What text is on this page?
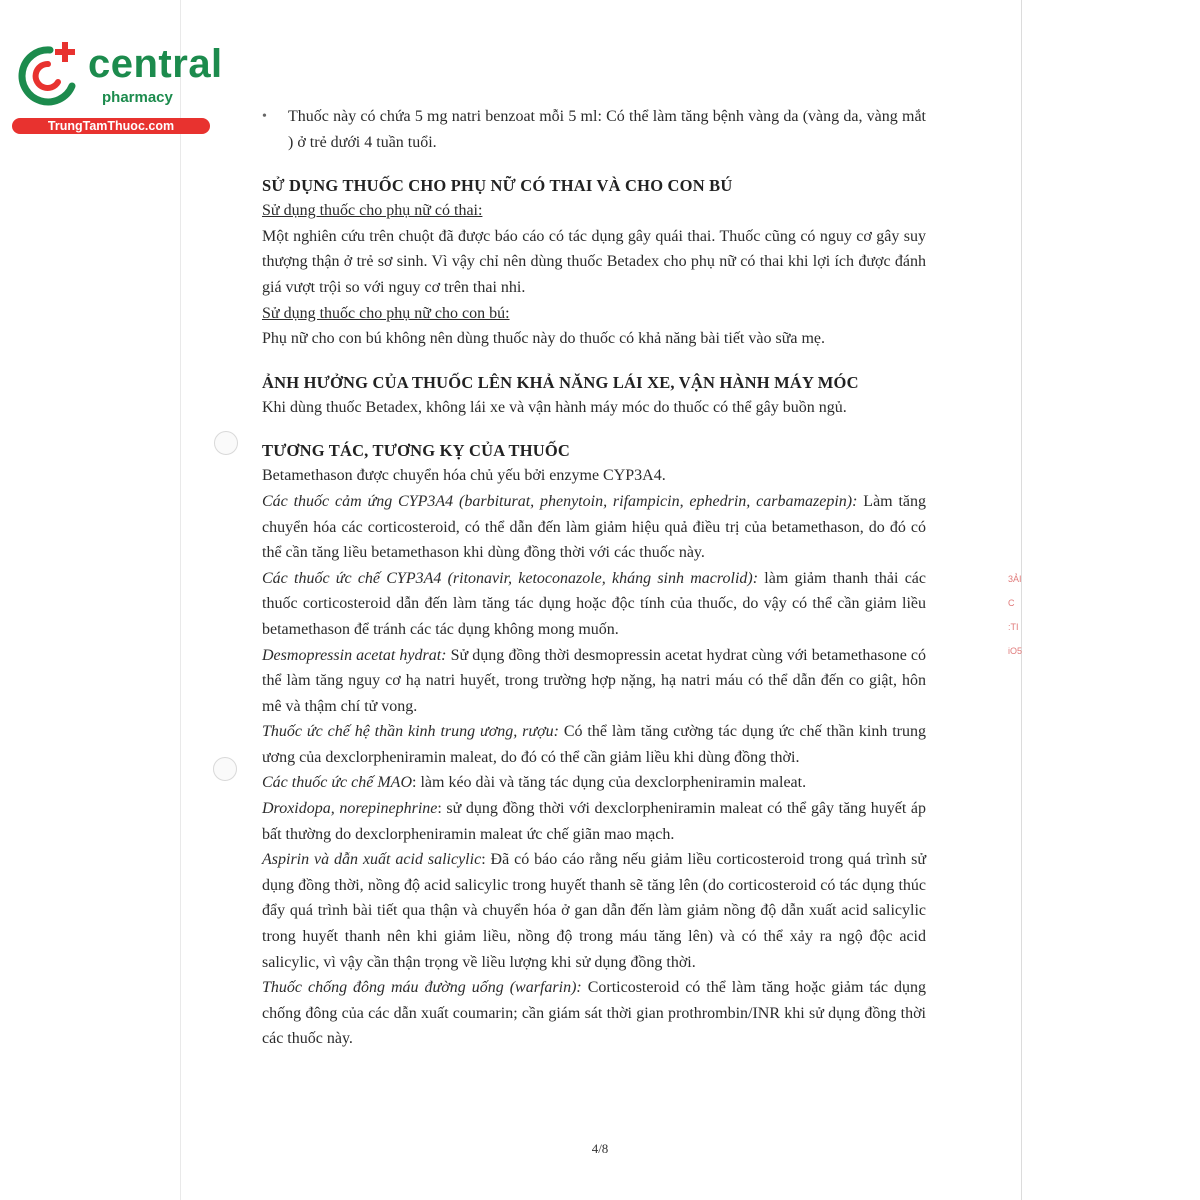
3ẢI
C
:TI
iO5
central
pharmacy
TrungTamThuoc.com
• Thuốc này có chứa 5 mg natri benzoat mỗi 5 ml: Có thể làm tăng bệnh vàng da (vàng da, vàng mắt ) ở trẻ dưới 4 tuần tuổi.
SỬ DỤNG THUỐC CHO PHỤ NỮ CÓ THAI VÀ CHO CON BÚ

Sử dụng thuốc cho phụ nữ có thai:

Một nghiên cứu trên chuột đã được báo cáo có tác dụng gây quái thai. Thuốc cũng có nguy cơ gây suy thượng thận ở trẻ sơ sinh. Vì vậy chỉ nên dùng thuốc Betadex cho phụ nữ có thai khi lợi ích được đánh giá vượt trội so với nguy cơ trên thai nhi.

Sử dụng thuốc cho phụ nữ cho con bú:

Phụ nữ cho con bú không nên dùng thuốc này do thuốc có khả năng bài tiết vào sữa mẹ.

ẢNH HƯỞNG CỦA THUỐC LÊN KHẢ NĂNG LÁI XE, VẬN HÀNH MÁY MÓC

Khi dùng thuốc Betadex, không lái xe và vận hành máy móc do thuốc có thể gây buồn ngủ.

TƯƠNG TÁC, TƯƠNG KỴ CỦA THUỐC

Betamethason được chuyển hóa chủ yếu bởi enzyme CYP3A4.

Các thuốc cảm ứng CYP3A4 (barbiturat, phenytoin, rifampicin, ephedrin, carbamazepin): Làm tăng chuyển hóa các corticosteroid, có thể dẫn đến làm giảm hiệu quả điều trị của betamethason, do đó có thể cần tăng liều betamethason khi dùng đồng thời với các thuốc này.

Các thuốc ức chế CYP3A4 (ritonavir, ketoconazole, kháng sinh macrolid): làm giảm thanh thải các thuốc corticosteroid dẫn đến làm tăng tác dụng hoặc độc tính của thuốc, do vậy có thể cần giảm liều betamethason để tránh các tác dụng không mong muốn.

Desmopressin acetat hydrat: Sử dụng đồng thời desmopressin acetat hydrat cùng với betamethasone có thể làm tăng nguy cơ hạ natri huyết, trong trường hợp nặng, hạ natri máu có thể dẫn đến co giật, hôn mê và thậm chí tử vong.

Thuốc ức chế hệ thần kinh trung ương, rượu: Có thể làm tăng cường tác dụng ức chế thần kinh trung ương của dexclorpheniramin maleat, do đó có thể cần giảm liều khi dùng đồng thời.

Các thuốc ức chế MAO: làm kéo dài và tăng tác dụng của dexclorpheniramin maleat.

Droxidopa, norepinephrine: sử dụng đồng thời với dexclorpheniramin maleat có thể gây tăng huyết áp bất thường do dexclorpheniramin maleat ức chế giãn mao mạch.

Aspirin và dẫn xuất acid salicylic: Đã có báo cáo rằng nếu giảm liều corticosteroid trong quá trình sử dụng đồng thời, nồng độ acid salicylic trong huyết thanh sẽ tăng lên (do corticosteroid có tác dụng thúc đẩy quá trình bài tiết qua thận và chuyển hóa ở gan dẫn đến làm giảm nồng độ dẫn xuất acid salicylic trong huyết thanh nên khi giảm liều, nồng độ trong máu tăng lên) và có thể xảy ra ngộ độc acid salicylic, vì vậy cần thận trọng về liều lượng khi sử dụng đồng thời.

Thuốc chống đông máu đường uống (warfarin): Corticosteroid có thể làm tăng hoặc giảm tác dụng chống đông của các dẫn xuất coumarin; cần giám sát thời gian prothrombin/INR khi sử dụng đồng thời các thuốc này.

4/8
